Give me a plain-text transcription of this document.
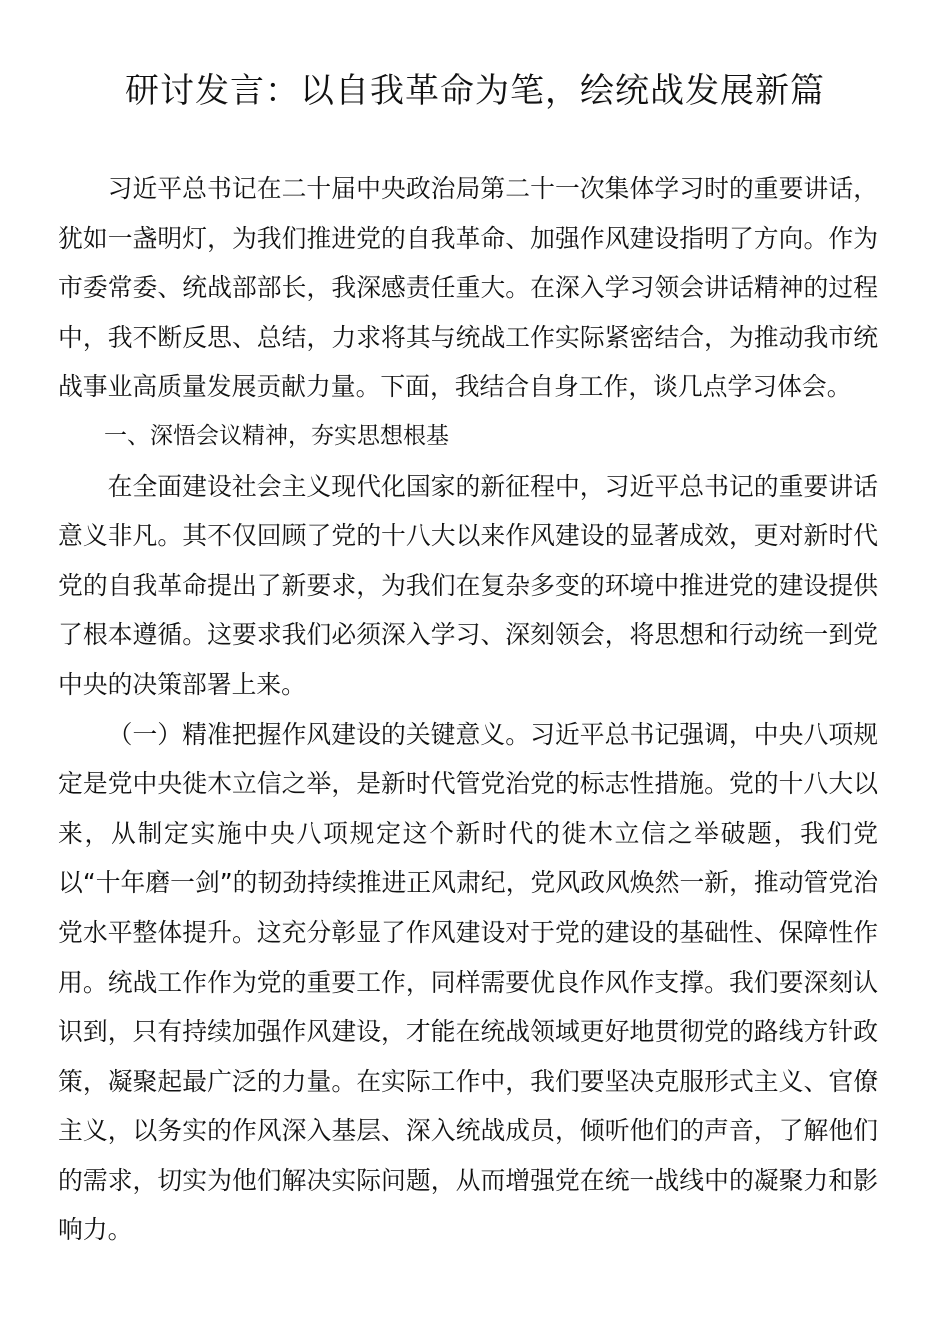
研讨发言：以自我革命为笔，绘统战发展新篇

习近平总书记在二十届中央政治局第二十一次集体学习时的重要讲话，犹如一盏明灯，为我们推进党的自我革命、加强作风建设指明了方向。作为市委常委、统战部部长，我深感责任重大。在深入学习领会讲话精神的过程中，我不断反思、总结，力求将其与统战工作实际紧密结合，为推动我市统战事业高质量发展贡献力量。下面，我结合自身工作，谈几点学习体会。

一、深悟会议精神，夯实思想根基

在全面建设社会主义现代化国家的新征程中，习近平总书记的重要讲话意义非凡。其不仅回顾了党的十八大以来作风建设的显著成效，更对新时代党的自我革命提出了新要求，为我们在复杂多变的环境中推进党的建设提供了根本遵循。这要求我们必须深入学习、深刻领会，将思想和行动统一到党中央的决策部署上来。

（一）精准把握作风建设的关键意义。习近平总书记强调，中央八项规定是党中央徙木立信之举，是新时代管党治党的标志性措施。党的十八大以来，从制定实施中央八项规定这个新时代的徙木立信之举破题，我们党以“十年磨一剑”的韧劲持续推进正风肃纪，党风政风焕然一新，推动管党治党水平整体提升。这充分彰显了作风建设对于党的建设的基础性、保障性作用。统战工作作为党的重要工作，同样需要优良作风作支撑。我们要深刻认识到，只有持续加强作风建设，才能在统战领域更好地贯彻党的路线方针政策，凝聚起最广泛的力量。在实际工作中，我们要坚决克服形式主义、官僚主义，以务实的作风深入基层、深入统战成员，倾听他们的声音，了解他们的需求，切实为他们解决实际问题，从而增强党在统一战线中的凝聚力和影响力。
